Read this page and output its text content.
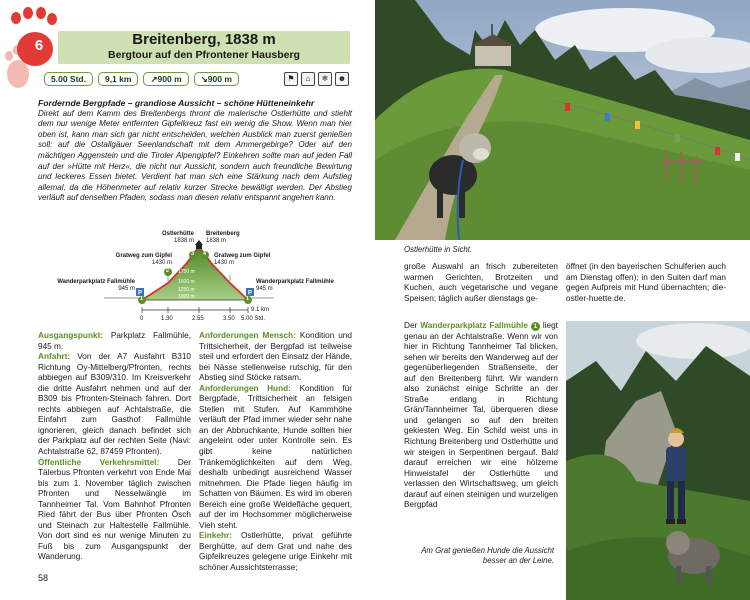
6	Breitenberg, 1838 m
Bergtour auf den Pfrontener Hausberg
5.00 Std.	9,1 km	↗900 m	↘900 m	⚑	⌂	❄	☻
Fordernde Bergpfade – grandiose Aussicht – schöne Hütteneinkehr
Direkt auf dem Kamm des Breitenbergs thront die malerische Ostlerhütte und stiehlt dem nur wenige Meter entfernten Gipfelkreuz fast ein wenig die Show. Wenn man hier oben ist, kann man sich gar nicht entscheiden, welchen Ausblick man zuerst genießen soll: auf die Ostallgäuer Seenlandschaft mit dem Ammergebirge? Oder auf den mächtigen Aggenstein und die Tiroler Alpengipfel? Einkehren sollte man auf jeden Fall auf der »Hütte mit Herz«, die nicht nur Aussicht, sondern auch freundliche Bewirtung und leckeres Essen bietet. Verdient hat man sich eine Stärkung nach dem Aufstieg allemal, da die Höhenmeter auf relativ kurzer Strecke bewältigt werden. Der Abstieg verläuft auf denselben Pfaden, sodass man diesen relativ entspannt angehen kann.
P	P
1
2
3 4
1
Ostlerhütte
1838 m
Breitenberg
1838 m
Gratweg zum Gipfel
1430 m
Gratweg zum Gipfel
1430 m
Wanderparkplatz Fallmühle
945 m
Wanderparkplatz Fallmühle
945 m
1750 m
1500 m
1250 m
1000 m
9.1 km
0	1.30	2.55	3.50 5.00 Std.
Ausgangspunkt: Parkplatz Fallmühle, 945 m.
Anfahrt: Von der A7 Ausfahrt B310 Richtung Oy-Mittelberg/Pfronten, rechts abbiegen auf B309/310. Im Kreisverkehr die dritte Ausfahrt nehmen und auf der B309 bis Pfronten-Steinach fahren. Dort rechts abbiegen auf Achtalstraße, die Einfahrt zum Gasthof Fallmühle ignorieren, gleich danach befindet sich der Parkplatz auf der rechten Seite (Navi: Achtalstraße 62, 87459 Pfronten).
Öffentliche Verkehrsmittel: Der Tälerbus Pfronten verkehrt von Ende Mai bis zum 1. November täglich zwischen Pfronten und Nesselwängle im Tannheimer Tal. Vom Bahnhof Pfronten Ried fährt der Bus über Pfronten Ösch und Steinach zur Haltestelle Fallmühle. Von dort sind es nur wenige Minuten zu Fuß bis zum Ausgangspunkt der Wanderung.
Anforderungen Mensch: Kondition und Trittsicherheit, der Bergpfad ist teilweise steil und erfordert den Einsatz der Hände, bei Nässe stellenweise rutschig, für den Abstieg sind Stöcke ratsam.
Anforderungen Hund: Kondition für Bergpfade, Trittsicherheit an felsigen Stellen mit Stufen. Auf Kammhöhe verläuft der Pfad immer wieder sehr nahe an der Abbruchkante, Hunde sollten hier angeleint oder unter Kontrolle sein. Es gibt keine natürlichen Tränkemöglichkeiten auf dem Weg, deshalb unbedingt ausreichend Wasser mitnehmen. Die Pfade liegen häufig im Schatten von Bäumen. Es wird im oberen Bereich eine große Weidefläche gequert, auf der im Hochsommer möglicherweise Vieh steht.
Einkehr: Ostlerhütte, privat geführte Berghütte, auf dem Grat und nahe des Gipfelkreuzes gelegene urige Einkehr mit schöner Aussichtsterrasse;
58
Ostlerhütte in Sicht.
große Auswahl an frisch zubereiteten warmen Gerichten, Brotzeiten und Kuchen, auch vegetarische und vegane Speisen; täglich außer dienstags ge-
öffnet (in den bayerischen Schulferien auch am Dienstag offen); in den Suiten darf man gegen Aufpreis mit Hund übernachten; die-ostler-huette.de.
Der Wanderparkplatz Fallmühle 1 liegt genau an der Achtalstraße. Wenn wir von hier in Richtung Tannheimer Tal blicken, sehen wir bereits den Wanderweg auf der gegenüberliegenden Straßenseite, der auf den Breitenberg führt. Wir wandern also zunächst einige Schritte an der Straße entlang in Richtung Grän/Tannheimer Tal, überqueren diese und gelangen so auf den breiten gekiesten Weg. Ein Schild weist uns in Richtung Breitenberg und Ostlerhütte und wir steigen in Serpentinen bergauf. Bald darauf erreichen wir eine hölzerne Hinweistafel der Ostlerhütte und verlassen den Wirtschaftsweg, um gleich darauf auf einen steinigen und wurzeligen Bergpfad
Am Grat genießen Hunde die Aussicht besser an der Leine.
